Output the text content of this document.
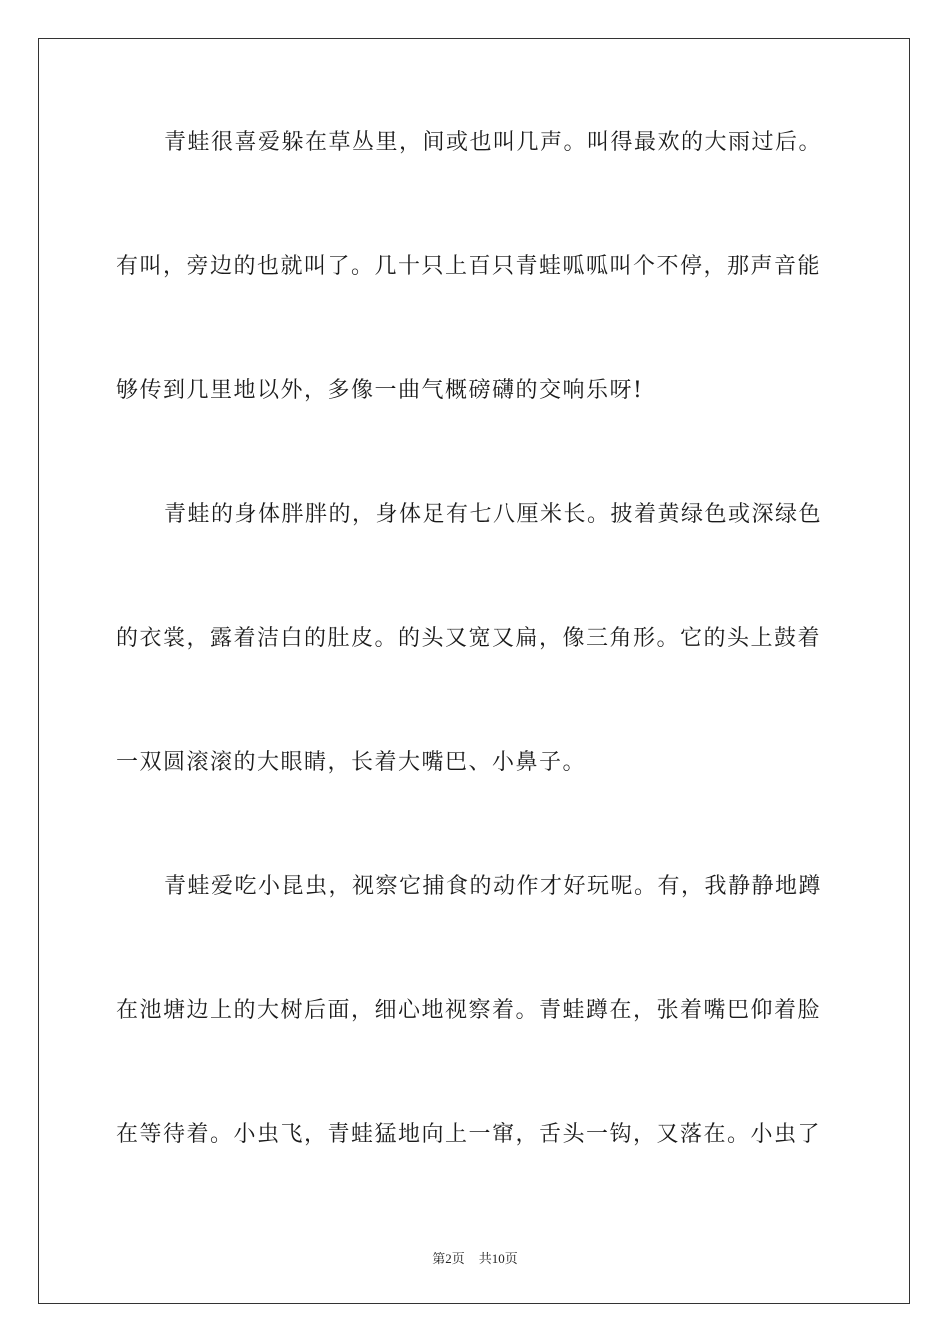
青蛙很喜爱躲在草丛里，间或也叫几声。叫得最欢的大雨过后。

有叫，旁边的也就叫了。几十只上百只青蛙呱呱叫个不停，那声音能

够传到几里地以外，多像一曲气概磅礴的交响乐呀!

青蛙的身体胖胖的，身体足有七八厘米长。披着黄绿色或深绿色

的衣裳，露着洁白的肚皮。的头又宽又扁，像三角形。它的头上鼓着

一双圆滚滚的大眼睛，长着大嘴巴、小鼻子。

青蛙爱吃小昆虫，视察它捕食的动作才好玩呢。有，我静静地蹲

在池塘边上的大树后面，细心地视察着。青蛙蹲在，张着嘴巴仰着脸

在等待着。小虫飞，青蛙猛地向上一窜，舌头一钩，又落在。小虫了

第2页 共10页
